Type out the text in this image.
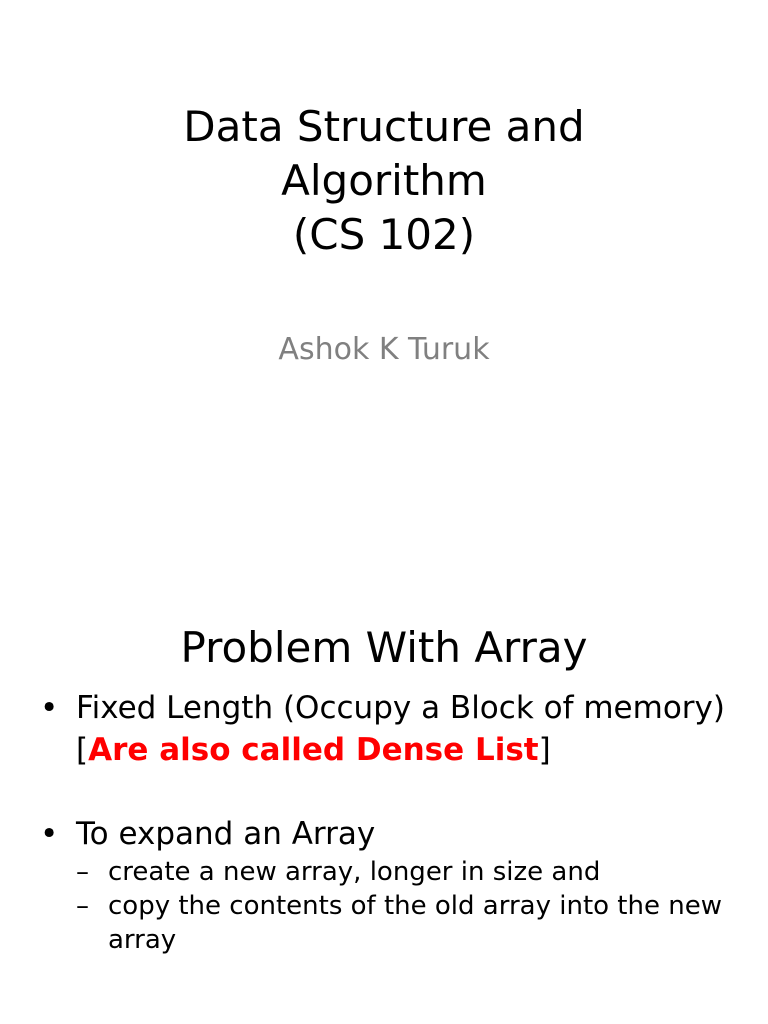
Data Structure and
Algorithm
(CS 102)
Ashok K Turuk
Problem With Array
• Fixed Length (Occupy a Block of memory) [Are also called Dense List]
• To expand an Array
– create a new array, longer in size and
– copy the contents of the old array into the new array
